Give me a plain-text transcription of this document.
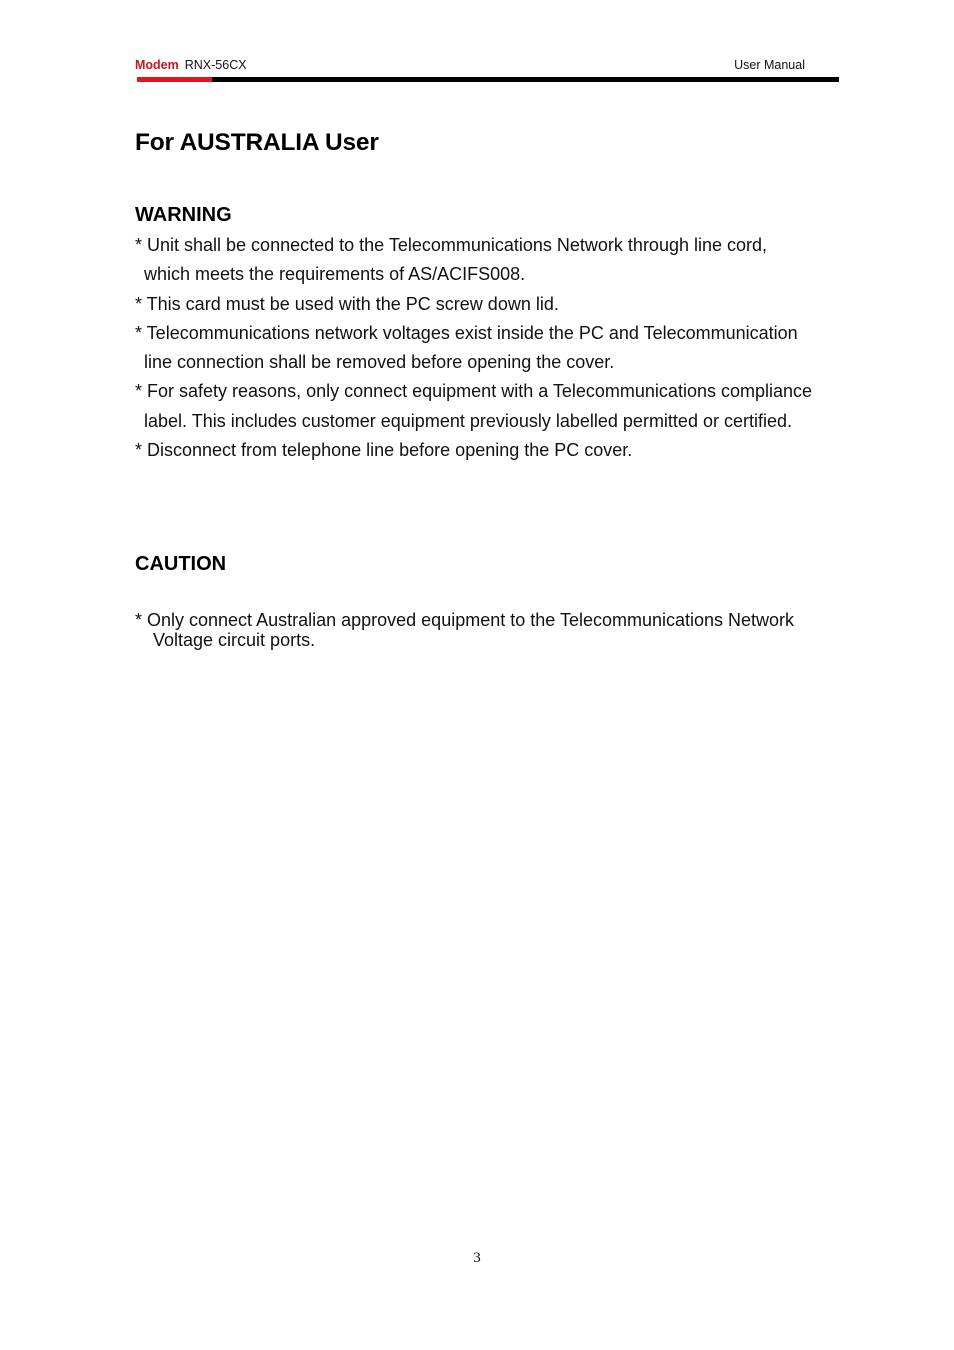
Modem RNX-56CX	User Manual
For AUSTRALIA User
WARNING
* Unit shall be connected to the Telecommunications Network through line cord, which meets the requirements of AS/ACIFS008.
* This card must be used with the PC screw down lid.
* Telecommunications network voltages exist inside the PC and Telecommunication line connection shall be removed before opening the cover.
* For safety reasons, only connect equipment with a Telecommunications compliance label. This includes customer equipment previously labelled permitted or certified.
* Disconnect from telephone line before opening the PC cover.
CAUTION
* Only connect Australian approved equipment to the Telecommunications Network Voltage circuit ports.
3
